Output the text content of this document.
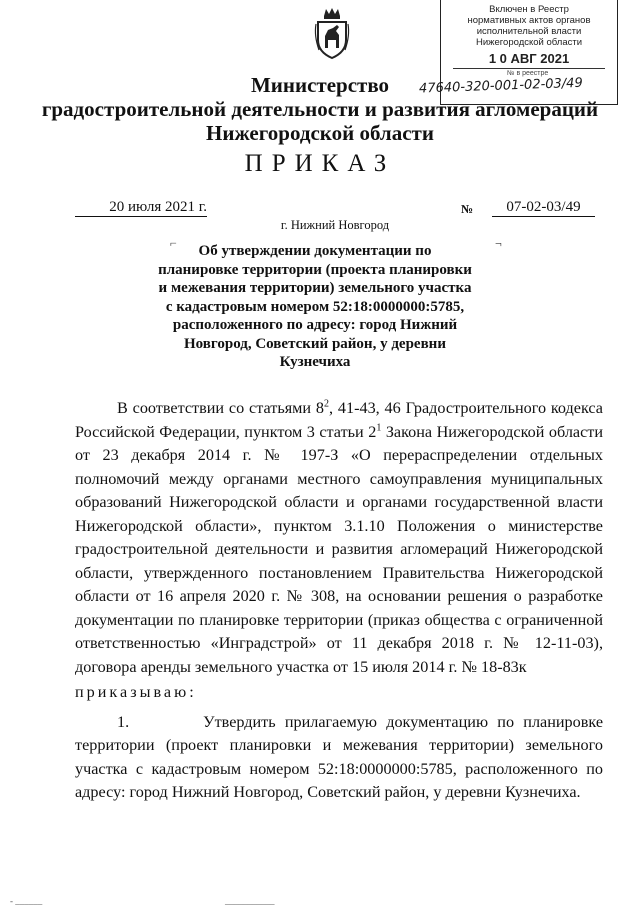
Включен в Реестр
нормативных актов органов
исполнительной власти
Нижегородской области
1 0 АВГ 2021
№ в реестре
47640-320-001-02-03/49
Министерство
градостроительной деятельности и развития агломераций
Нижегородской области
ПРИКАЗ
20 июля 2021 г.	№	07-02-03/49
г. Нижний Новгород
⌐	¬
Об утверждении документации по
планировке территории (проекта планировки
и межевания территории) земельного участка
с кадастровым номером 52:18:0000000:5785,
расположенного по адресу: город Нижний
Новгород, Советский район, у деревни
Кузнечиха

В соответствии со статьями $8^2$, 41-43, 46 Градостроительного кодекса Российской Федерации, пунктом 3 статьи $2^1$ Закона Нижегородской области от 23 декабря 2014 г. № 197-З «О перераспределении отдельных полномочий между органами местного самоуправления муниципальных образований Нижегородской области и органами государственной власти Нижегородской области», пунктом 3.1.10 Положения о министерстве градостроительной деятельности и развития агломераций Нижегородской области, утвержденного постановлением Правительства Нижегородской области от 16 апреля 2020 г. № 308, на основании решения о разработке документации по планировке территории (приказ общества с ограниченной ответственностью «Инградстрой» от 11 декабря 2018 г. № 12-11-03), договора аренды земельного участка от 15 июля 2014 г. № 18-83к

приказываю:

1.	Утвердить прилагаемую документацию по планировке территории (проект планировки и межевания территории) земельного участка с кадастровым номером 52:18:0000000:5785, расположенного по адресу: город Нижний Новгород, Советский район, у деревни Кузнечиха.

- ______	___________
